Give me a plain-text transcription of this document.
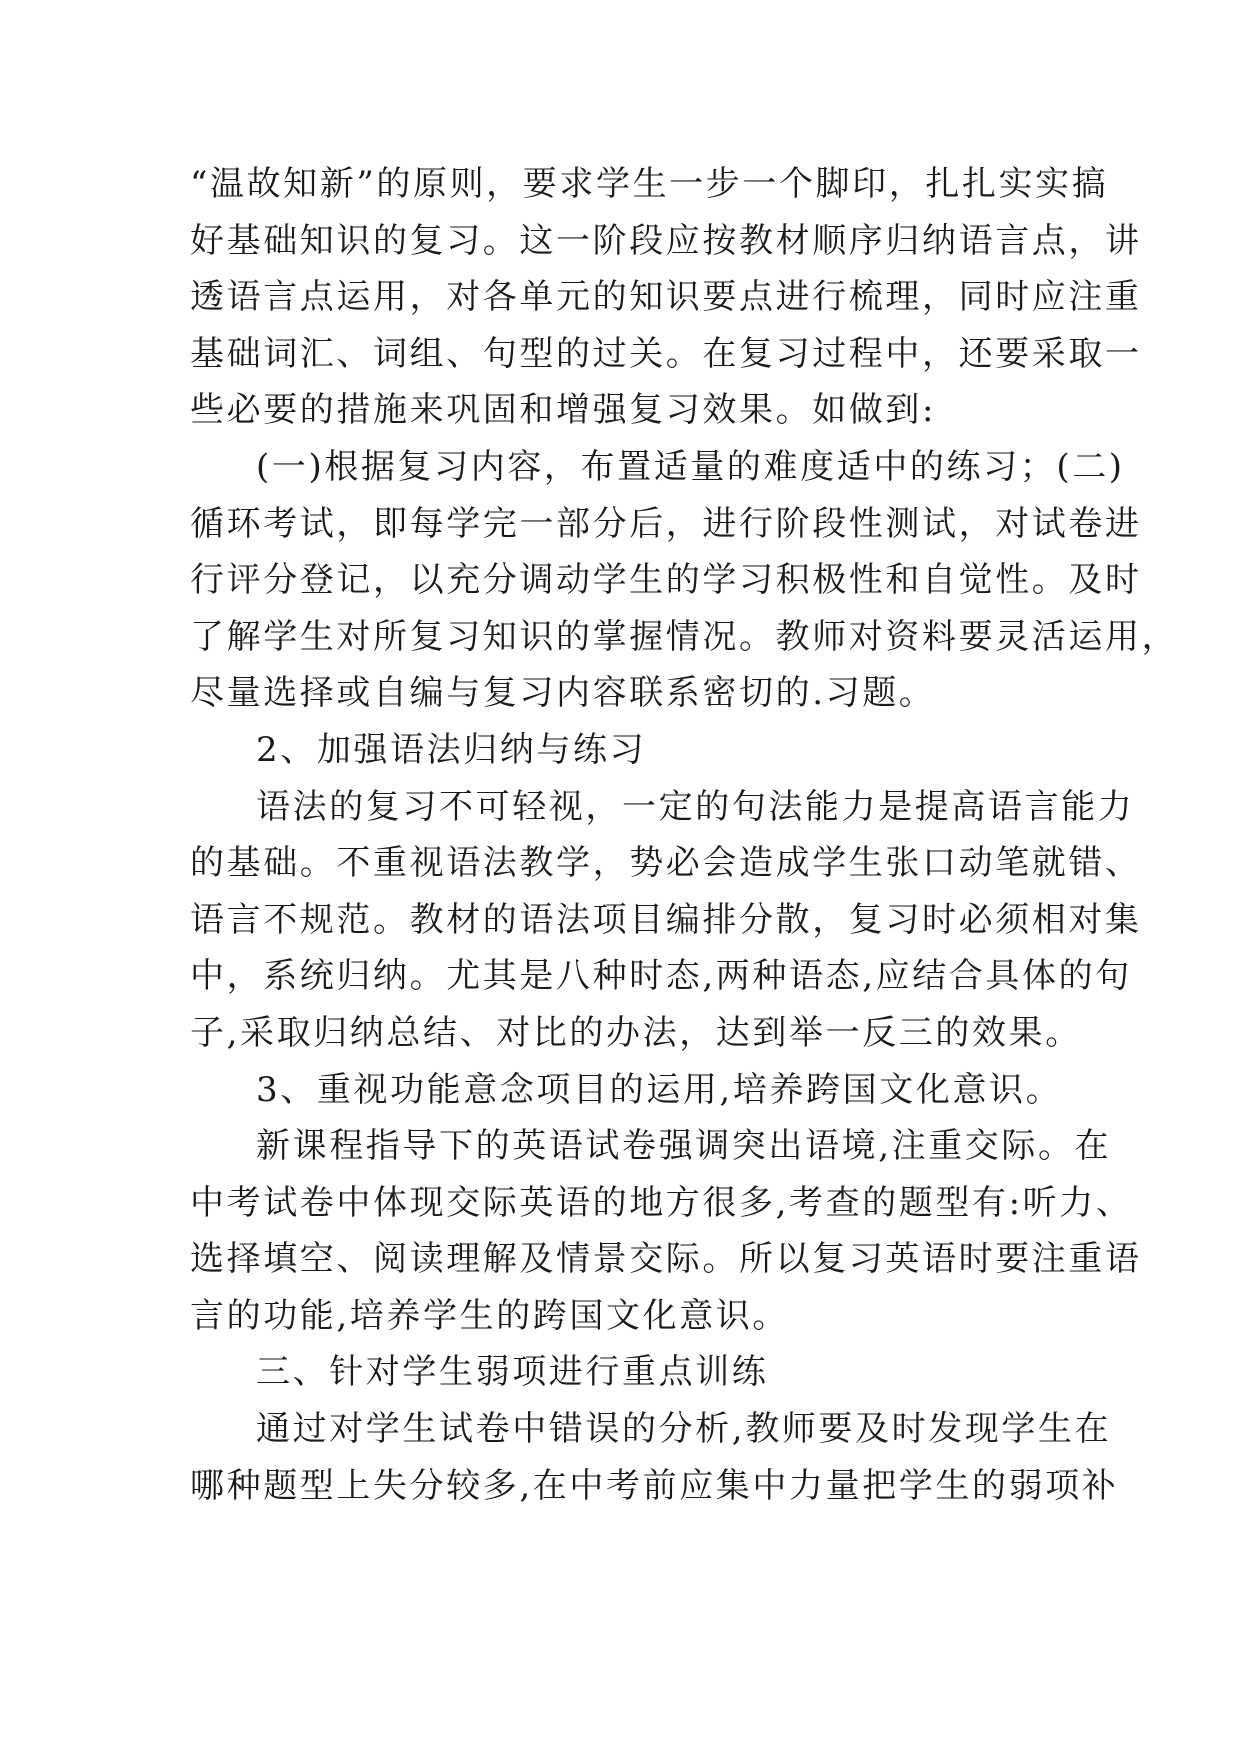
“温故知新”的原则，要求学生一步一个脚印，扎扎实实搞
好基础知识的复习。这一阶段应按教材顺序归纳语言点，讲
透语言点运用，对各单元的知识要点进行梳理，同时应注重
基础词汇、词组、句型的过关。在复习过程中，还要采取一
些必要的措施来巩固和增强复习效果。如做到:
(一)根据复习内容，布置适量的难度适中的练习；(二)
循环考试，即每学完一部分后，进行阶段性测试，对试卷进
行评分登记，以充分调动学生的学习积极性和自觉性。及时
了解学生对所复习知识的掌握情况。教师对资料要灵活运用，
尽量选择或自编与复习内容联系密切的.习题。
2、加强语法归纳与练习
语法的复习不可轻视，一定的句法能力是提高语言能力
的基础。不重视语法教学，势必会造成学生张口动笔就错、
语言不规范。教材的语法项目编排分散，复习时必须相对集
中，系统归纳。尤其是八种时态,两种语态,应结合具体的句
子,采取归纳总结、对比的办法，达到举一反三的效果。
3、重视功能意念项目的运用,培养跨国文化意识。
新课程指导下的英语试卷强调突出语境,注重交际。在
中考试卷中体现交际英语的地方很多,考查的题型有:听力、
选择填空、阅读理解及情景交际。所以复习英语时要注重语
言的功能,培养学生的跨国文化意识。
三、针对学生弱项进行重点训练
通过对学生试卷中错误的分析,教师要及时发现学生在
哪种题型上失分较多,在中考前应集中力量把学生的弱项补
